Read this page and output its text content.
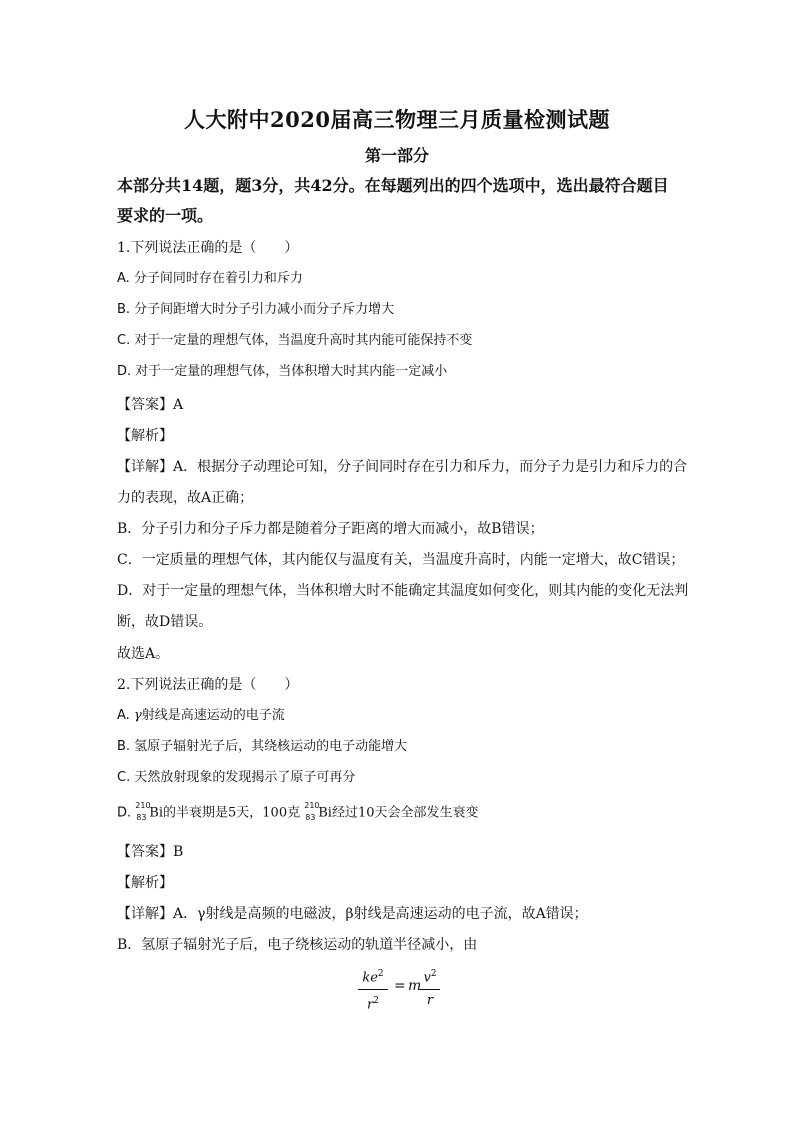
人大附中2020届高三物理三月质量检测试题
第一部分
本部分共14题，题3分，共42分。在每题列出的四个选项中，选出最符合题目
要求的一项。
1.下列说法正确的是（　　）
A. 分子间同时存在着引力和斥力
B. 分子间距增大时分子引力减小而分子斥力增大
C. 对于一定量的理想气体，当温度升高时其内能可能保持不变
D. 对于一定量的理想气体，当体积增大时其内能一定减小
【答案】A
【解析】
【详解】A．根据分子动理论可知，分子间同时存在引力和斥力，而分子力是引力和斥力的合
力的表现，故A正确；
B．分子引力和分子斥力都是随着分子距离的增大而减小，故B错误；
C．一定质量的理想气体，其内能仅与温度有关，当温度升高时，内能一定增大，故C错误；
D．对于一定量的理想气体，当体积增大时不能确定其温度如何变化，则其内能的变化无法判
断，故D错误。
故选A。
2.下列说法正确的是（　　）
A. γ射线是高速运动的电子流
B. 氢原子辐射光子后，其绕核运动的电子动能增大
C. 天然放射现象的发现揭示了原子可再分
D. 210
83 Bi的半衰期是5天，100克 210
83 Bi经过10天会全部发生衰变
【答案】B
【解析】
【详解】A．γ射线是高频的电磁波，β射线是高速运动的电子流，故A错误；
B．氢原子辐射光子后，电子绕核运动的轨道半径减小，由
$ke^2$
$r^2$
= m
$v^2$
r
